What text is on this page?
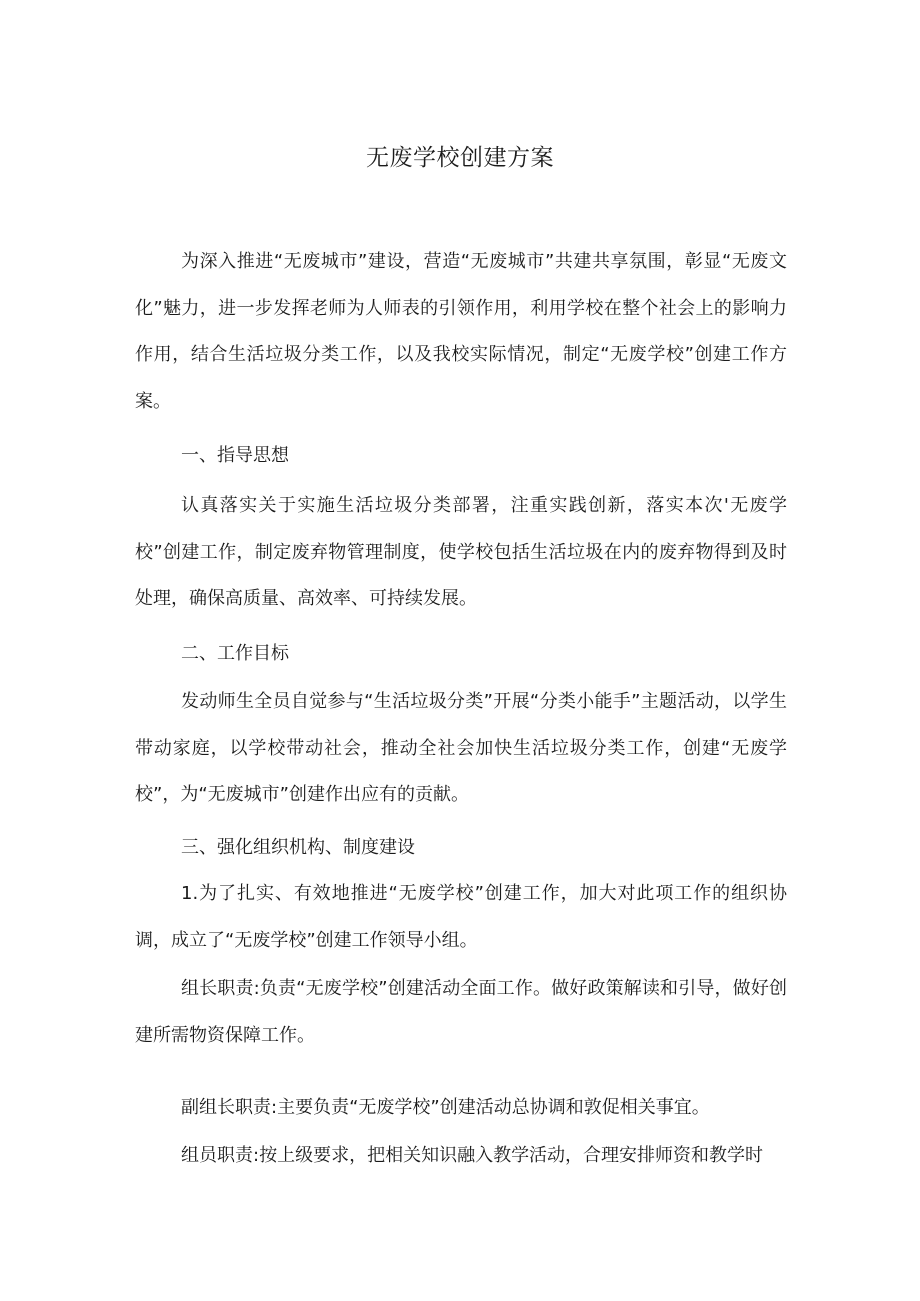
无废学校创建方案

为深入推进“无废城市”建设，营造“无废城市”共建共享氛围，彰显“无废文化”魅力，进一步发挥老师为人师表的引领作用，利用学校在整个社会上的影响力作用，结合生活垃圾分类工作，以及我校实际情况，制定“无废学校”创建工作方案。

一、指导思想

认真落实关于实施生活垃圾分类部署，注重实践创新，落实本次'无废学校”创建工作，制定废弃物管理制度，使学校包括生活垃圾在内的废弃物得到及时处理，确保高质量、高效率、可持续发展。

二、工作目标

发动师生全员自觉参与“生活垃圾分类”开展“分类小能手”主题活动，以学生带动家庭，以学校带动社会，推动全社会加快生活垃圾分类工作，创建“无废学校”，为“无废城市”创建作出应有的贡献。

三、强化组织机构、制度建设

1.为了扎实、有效地推进“无废学校”创建工作，加大对此项工作的组织协调，成立了“无废学校”创建工作领导小组。

组长职责:负责“无废学校”创建活动全面工作。做好政策解读和引导，做好创建所需物资保障工作。

副组长职责:主要负责“无废学校”创建活动总协调和敦促相关事宜。

组员职责:按上级要求，把相关知识融入教学活动，合理安排师资和教学时
